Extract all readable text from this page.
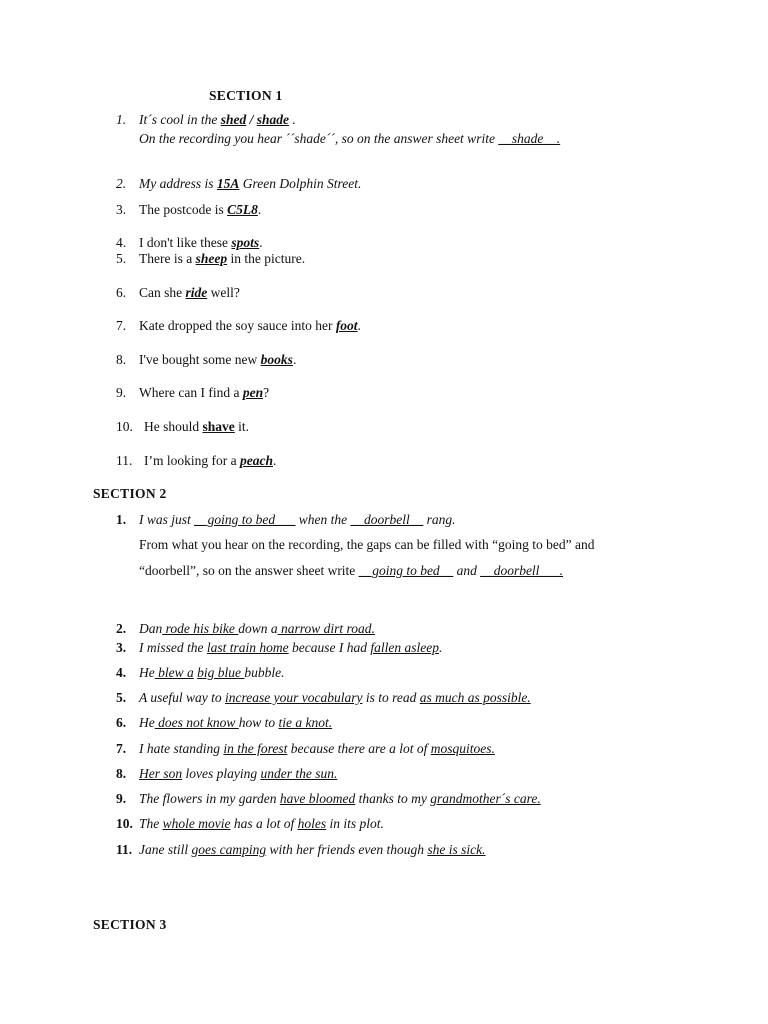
SECTION 1
1. It´s cool in the shed / shade .
On the recording you hear ´´shade´´, so on the answer sheet write __shade__.
2. My address is 15A Green Dolphin Street.
3. The postcode is C5L8.
4. I don't like these spots.
5. There is a sheep in the picture.
6. Can she ride well?
7. Kate dropped the soy sauce into her foot.
8. I've bought some new books.
9. Where can I find a pen?
10. He should shave it.
11. I’m looking for a peach.
SECTION 2
1. I was just __going to bed___ when the __doorbell__ rang.
From what you hear on the recording, the gaps can be filled with “going to bed” and
“doorbell”, so on the answer sheet write __going to bed__ and __doorbell___.
2. Dan rode his bike down a narrow dirt road.
3. I missed the last train home because I had fallen asleep.
4. He blew a big blue bubble.
5. A useful way to increase your vocabulary is to read as much as possible.
6. He does not know how to tie a knot.
7. I hate standing in the forest because there are a lot of mosquitoes.
8. Her son loves playing under the sun.
9. The flowers in my garden have bloomed thanks to my grandmother´s care.
10. The whole movie has a lot of holes in its plot.
11. Jane still goes camping with her friends even though she is sick.
SECTION 3
